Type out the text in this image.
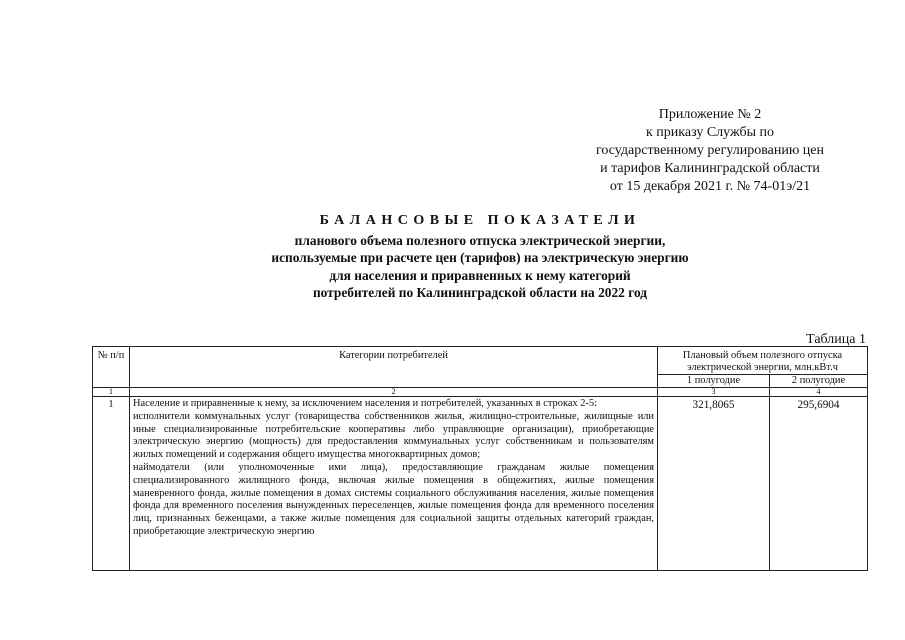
Приложение № 2
к приказу Службы по
государственному регулированию цен
и тарифов Калининградской области
от 15 декабря 2021 г. № 74-01э/21
БАЛАНСОВЫЕ ПОКАЗАТЕЛИ
планового объема полезного отпуска электрической энергии,
используемые при расчете цен (тарифов) на электрическую энергию
для населения и приравненных к нему категорий
потребителей по Калининградской области на 2022 год
Таблица 1
№ п/п	Категории потребителей	Плановый объем полезного отпуска электрической энергии, млн.кВт.ч	
		1 полугодие	2 полугодие
1	2	3	4
1	Население и приравненные к нему, за исключением населения и потребителей, указанных в строках 2-5:
исполнители коммунальных услуг (товарищества собственников жилья, жилищно-строительные, жилищные или иные специализированные потребительские кооперативы либо управляющие организации), приобретающие электрическую энергию (мощность) для предоставления коммунальных услуг собственникам и пользователям жилых помещений и содержания общего имущества многоквартирных домов;
наймодатели (или уполномоченные ими лица), предоставляющие гражданам жилые помещения специализированного жилищного фонда, включая жилые помещения в общежитиях, жилые помещения маневренного фонда, жилые помещения в домах системы социального обслуживания населения, жилые помещения фонда для временного поселения вынужденных переселенцев, жилые помещения фонда для временного поселения лиц, признанных беженцами, а также жилые помещения для социальной защиты отдельных категорий граждан, приобретающие электрическую энергию	321,8065	295,6904
